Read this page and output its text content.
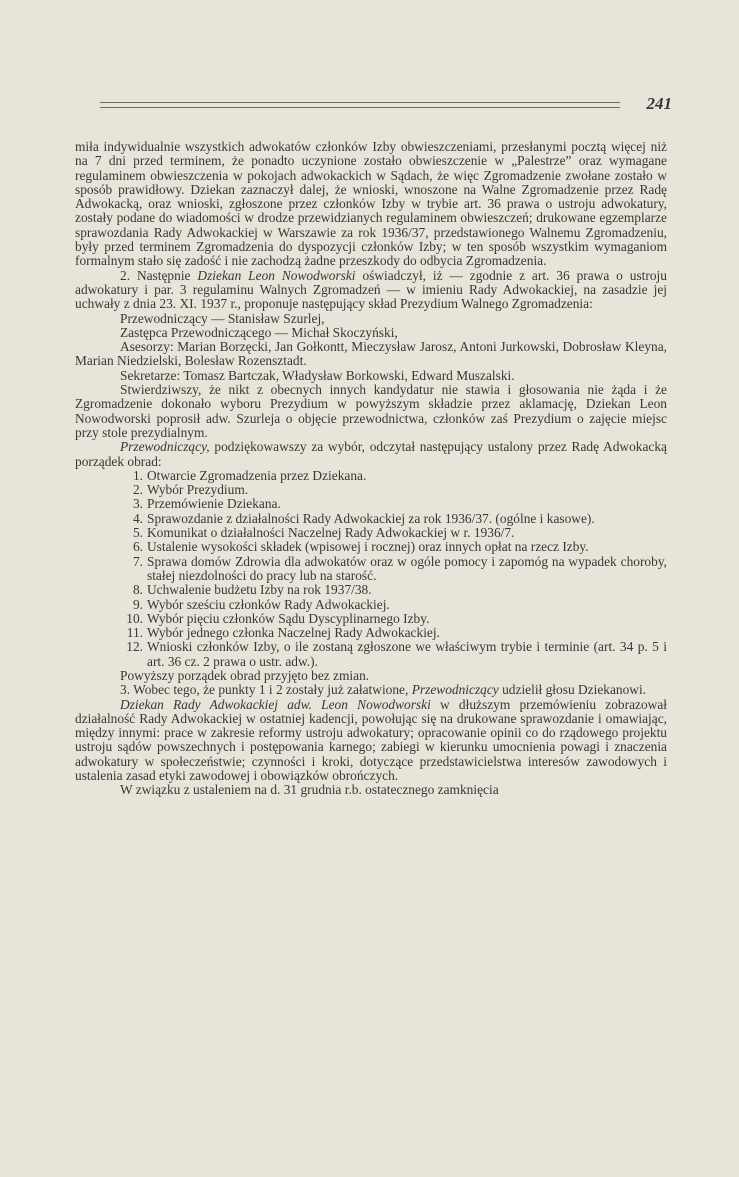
241

miła indywidualnie wszystkich adwokatów członków Izby obwieszczeniami, przesłanymi pocztą więcej niż na 7 dni przed terminem, że ponadto uczynione zostało obwieszczenie w „Palestrze” oraz wymagane regulaminem obwieszczenia w pokojach adwokackich w Sądach, że więc Zgromadzenie zwołane zostało w sposób prawidłowy. Dziekan zaznaczył dalej, że wnioski, wnoszone na Walne Zgromadzenie przez Radę Adwokacką, oraz wnioski, zgłoszone przez członków Izby w trybie art. 36 prawa o ustroju adwokatury, zostały podane do wiadomości w drodze przewidzianych regulaminem obwieszczeń; drukowane egzemplarze sprawozdania Rady Adwokackiej w Warszawie za rok 1936/37, przedstawionego Walnemu Zgromadzeniu, były przed terminem Zgromadzenia do dyspozycji członków Izby; w ten sposób wszystkim wymaganiom formalnym stało się zadość i nie zachodzą żadne przeszkody do odbycia Zgromadzenia.

2. Następnie Dziekan Leon Nowodworski oświadczył, iż — zgodnie z art. 36 prawa o ustroju adwokatury i par. 3 regulaminu Walnych Zgromadzeń — w imieniu Rady Adwokackiej, na zasadzie jej uchwały z dnia 23. XI. 1937 r., proponuje następujący skład Prezydium Walnego Zgromadzenia:

Przewodniczący — Stanisław Szurlej,

Zastępca Przewodniczącego — Michał Skoczyński,

Asesorzy: Marian Borzęcki, Jan Gołkontt, Mieczysław Jarosz, Antoni Jurkowski, Dobrosław Kleyna, Marian Niedzielski, Bolesław Rozensztadt.

Sekretarze: Tomasz Bartczak, Władysław Borkowski, Edward Muszalski.

Stwierdziwszy, że nikt z obecnych innych kandydatur nie stawia i głosowania nie żąda i że Zgromadzenie dokonało wyboru Prezydium w powyższym składzie przez aklamację, Dziekan Leon Nowodworski poprosił adw. Szurleja o objęcie przewodnictwa, członków zaś Prezydium o zajęcie miejsc przy stole prezydialnym.

Przewodniczący, podziękowawszy za wybór, odczytał następujący ustalony przez Radę Adwokacką porządek obrad:

1. Otwarcie Zgromadzenia przez Dziekana.
2. Wybór Prezydium.
3. Przemówienie Dziekana.
4. Sprawozdanie z działalności Rady Adwokackiej za rok 1936/37. (ogólne i kasowe).
5. Komunikat o działalności Naczelnej Rady Adwokackiej w r. 1936/7.
6. Ustalenie wysokości składek (wpisowej i rocznej) oraz innych opłat na rzecz Izby.
7. Sprawa domów Zdrowia dla adwokatów oraz w ogóle pomocy i zapomóg na wypadek choroby, stałej niezdolności do pracy lub na starość.
8. Uchwalenie budżetu Izby na rok 1937/38.
9. Wybór sześciu członków Rady Adwokackiej.
10. Wybór pięciu członków Sądu Dyscyplinarnego Izby.
11. Wybór jednego członka Naczelnej Rady Adwokackiej.
12. Wnioski członków Izby, o ile zostaną zgłoszone we właściwym trybie i terminie (art. 34 p. 5 i art. 36 cz. 2 prawa o ustr. adw.).

Powyższy porządek obrad przyjęto bez zmian.

3. Wobec tego, że punkty 1 i 2 zostały już załatwione, Przewodniczący udzielił głosu Dziekanowi.

Dziekan Rady Adwokackiej adw. Leon Nowodworski w dłuższym przemówieniu zobrazował działalność Rady Adwokackiej w ostatniej kadencji, powołując się na drukowane sprawozdanie i omawiając, między innymi: prace w zakresie reformy ustroju adwokatury; opracowanie opinii co do rządowego projektu ustroju sądów powszechnych i postępowania karnego; zabiegi w kierunku umocnienia powagi i znaczenia adwokatury w społeczeństwie; czynności i kroki, dotyczące przedstawicielstwa interesów zawodowych i ustalenia zasad etyki zawodowej i obowiązków obrończych.

W związku z ustaleniem na d. 31 grudnia r.b. ostatecznego zamknięcia
